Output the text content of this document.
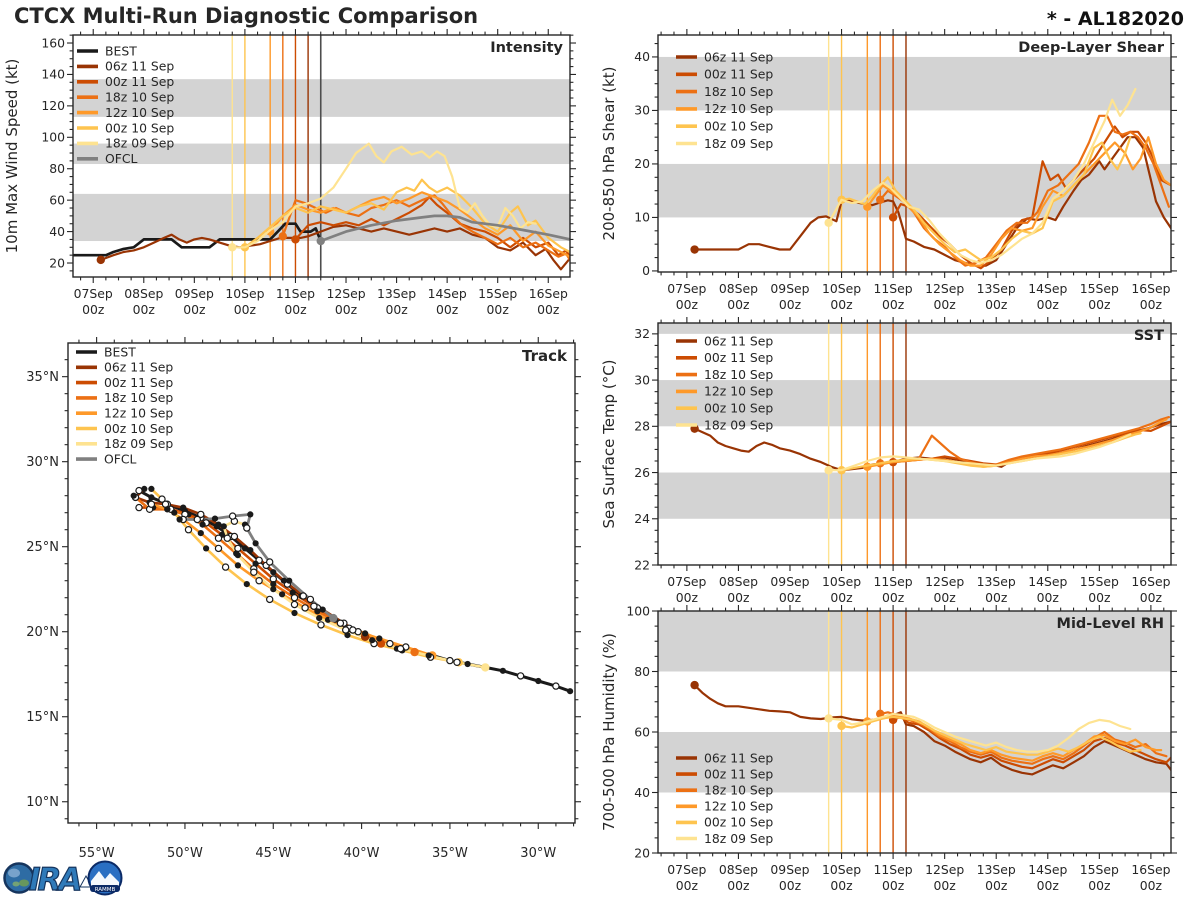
CTCX Multi-Run Diagnostic Comparison	* - AL182020
07Sep
00z
08Sep
00z
09Sep
00z
10Sep
00z
11Sep
00z
12Sep
00z
13Sep
00z
14Sep
00z
15Sep
00z
16Sep
00z
20
40
60
80
100
120
140
160
10m Max Wind Speed (kt)
Intensity
BEST
06z 11 Sep
00z 11 Sep
18z 10 Sep
12z 10 Sep
00z 10 Sep
18z 09 Sep
OFCL
07Sep
00z
08Sep
00z
09Sep
00z
10Sep
00z
11Sep
00z
12Sep
00z
13Sep
00z
14Sep
00z
15Sep
00z
16Sep
00z
0
10
20
30
40
200-850 hPa Shear (kt)
Deep-Layer Shear
06z 11 Sep
00z 11 Sep
18z 10 Sep
12z 10 Sep
00z 10 Sep
18z 09 Sep
07Sep
00z
08Sep
00z
09Sep
00z
10Sep
00z
11Sep
00z
12Sep
00z
13Sep
00z
14Sep
00z
15Sep
00z
16Sep
00z
22
24
26
28
30
32
Sea Surface Temp (°C)
SST
06z 11 Sep
00z 11 Sep
18z 10 Sep
12z 10 Sep
00z 10 Sep
18z 09 Sep
07Sep
00z
08Sep
00z
09Sep
00z
10Sep
00z
11Sep
00z
12Sep
00z
13Sep
00z
14Sep
00z
15Sep
00z
16Sep
00z
20
40
60
80
100
700-500 hPa Humidity (%)
Mid-Level RH
06z 11 Sep
00z 11 Sep
18z 10 Sep
12z 10 Sep
00z 10 Sep
18z 09 Sep
55°W	50°W	45°W	40°W	35°W	30°W
10°N
15°N
20°N
25°N
30°N
35°N
Track
BEST
06z 11 Sep
00z 11 Sep
18z 10 Sep
12z 10 Sep
00z 10 Sep
18z 09 Sep
OFCL
IRA	RAMMB
